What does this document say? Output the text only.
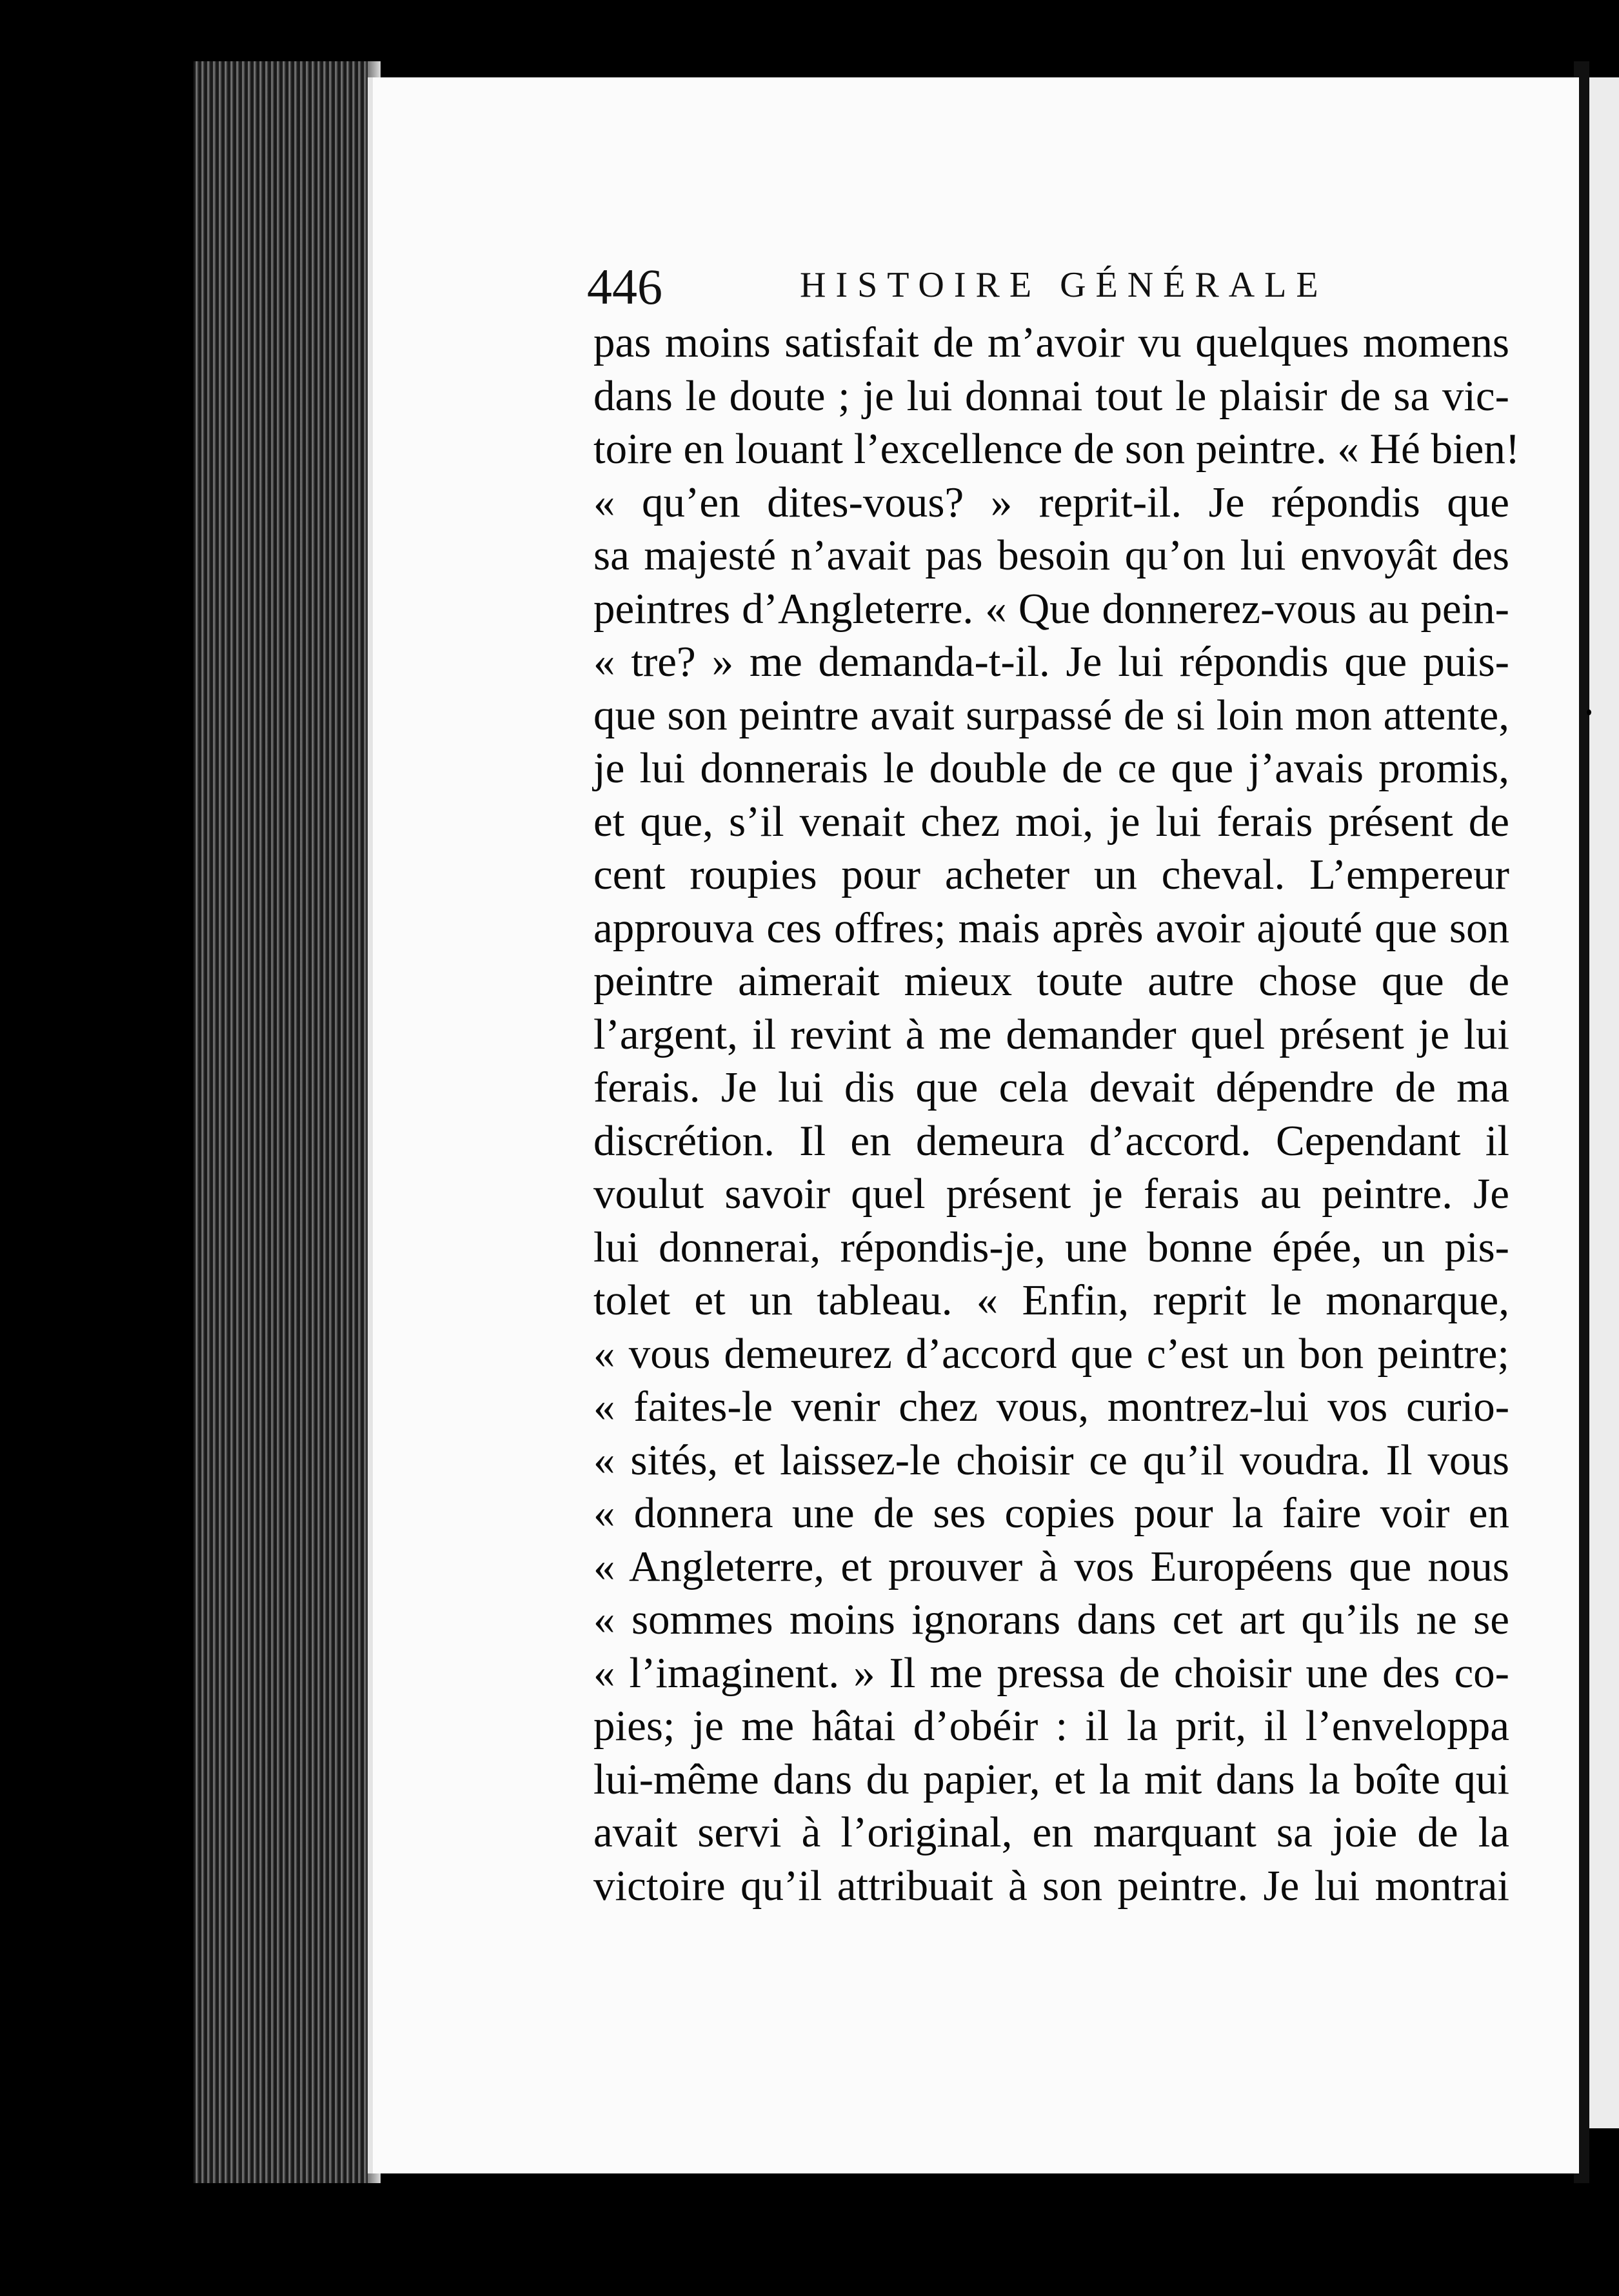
446	HISTOIRE GÉNÉRALE
pas moins satisfait de m’avoir vu quelques momens
dans le doute ; je lui donnai tout le plaisir de sa vic-
toire en louant l’excellence de son peintre. « Hé bien!
« qu’en dites-vous? » reprit-il. Je répondis que
sa majesté n’avait pas besoin qu’on lui envoyât des
peintres d’Angleterre. « Que donnerez-vous au pein-
« tre? » me demanda-t-il. Je lui répondis que puis-
que son peintre avait surpassé de si loin mon attente,
je lui donnerais le double de ce que j’avais promis,
et que, s’il venait chez moi, je lui ferais présent de
cent roupies pour acheter un cheval. L’empereur
approuva ces offres; mais après avoir ajouté que son
peintre aimerait mieux toute autre chose que de
l’argent, il revint à me demander quel présent je lui
ferais. Je lui dis que cela devait dépendre de ma
discrétion. Il en demeura d’accord. Cependant il
voulut savoir quel présent je ferais au peintre. Je
lui donnerai, répondis-je, une bonne épée, un pis-
tolet et un tableau. « Enfin, reprit le monarque,
« vous demeurez d’accord que c’est un bon peintre;
« faites-le venir chez vous, montrez-lui vos curio-
« sités, et laissez-le choisir ce qu’il voudra. Il vous
« donnera une de ses copies pour la faire voir en
« Angleterre, et prouver à vos Européens que nous
« sommes moins ignorans dans cet art qu’ils ne se
« l’imaginent. » Il me pressa de choisir une des co-
pies; je me hâtai d’obéir : il la prit, il l’enveloppa
lui-même dans du papier, et la mit dans la boîte qui
avait servi à l’original, en marquant sa joie de la
victoire qu’il attribuait à son peintre. Je lui montrai
